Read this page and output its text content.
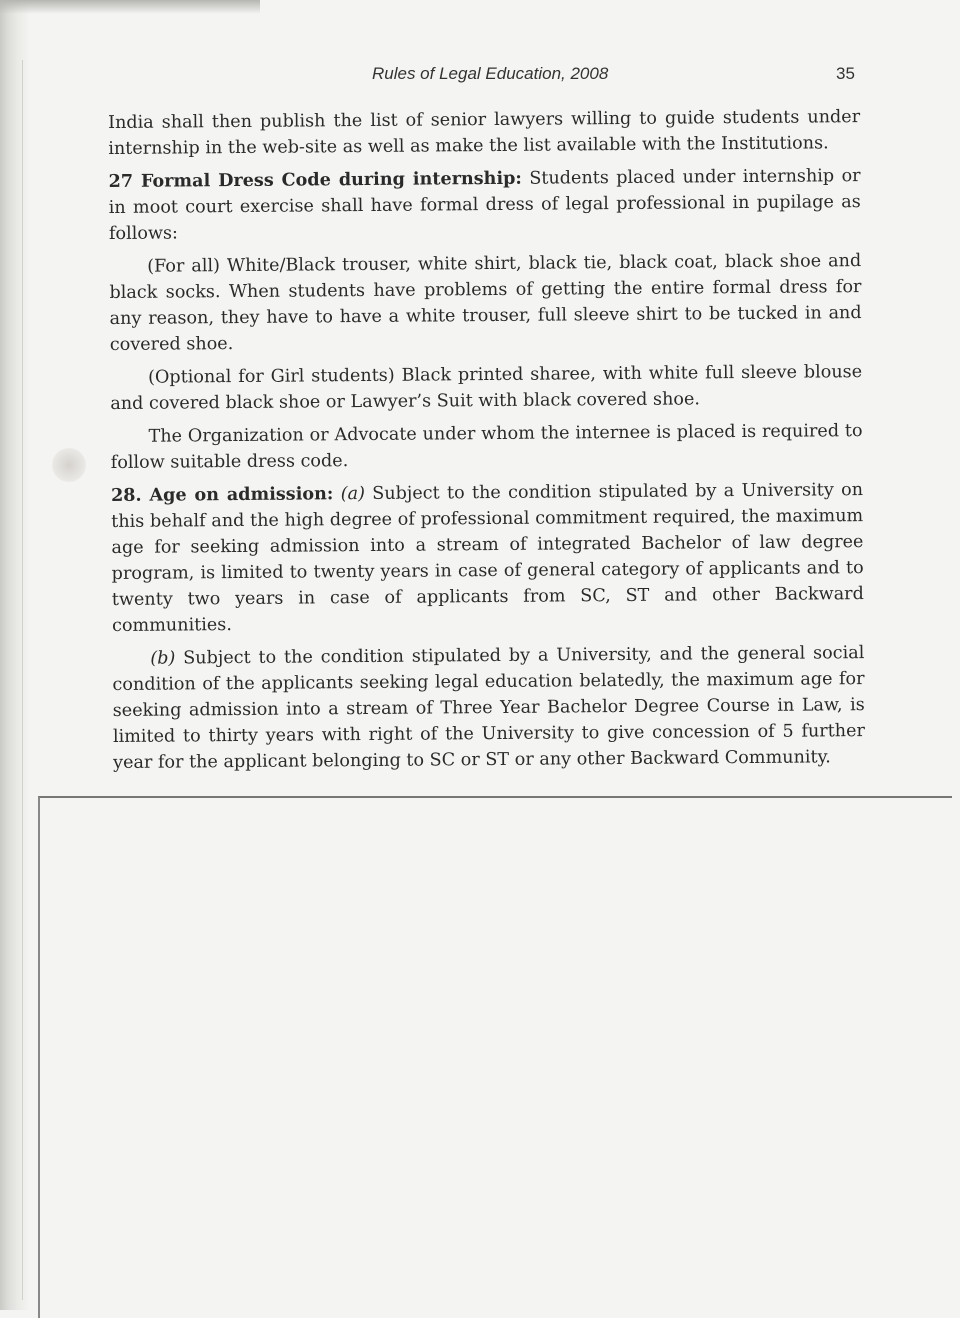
Rules of Legal Education, 2008	35

India shall then publish the list of senior lawyers willing to guide students under internship in the web-site as well as make the list available with the Institutions.

27 Formal Dress Code during internship: Students placed under internship or in moot court exercise shall have formal dress of legal professional in pupilage as follows:

(For all) White/Black trouser, white shirt, black tie, black coat, black shoe and black socks. When students have problems of getting the entire formal dress for any reason, they have to have a white trouser, full sleeve shirt to be tucked in and covered shoe.

(Optional for Girl students) Black printed sharee, with white full sleeve blouse and covered black shoe or Lawyer’s Suit with black covered shoe.

The Organization or Advocate under whom the internee is placed is required to follow suitable dress code.

28. Age on admission: (a) Subject to the condition stipulated by a University on this behalf and the high degree of professional commitment required, the maximum age for seeking admission into a stream of integrated Bachelor of law degree program, is limited to twenty years in case of general category of applicants and to twenty two years in case of applicants from SC, ST and other Backward communities.

(b) Subject to the condition stipulated by a University, and the general social condition of the applicants seeking legal education belatedly, the maximum age for seeking admission into a stream of Three Year Bachelor Degree Course in Law, is limited to thirty years with right of the University to give concession of 5 further year for the applicant belonging to SC or ST or any other Backward Community.
